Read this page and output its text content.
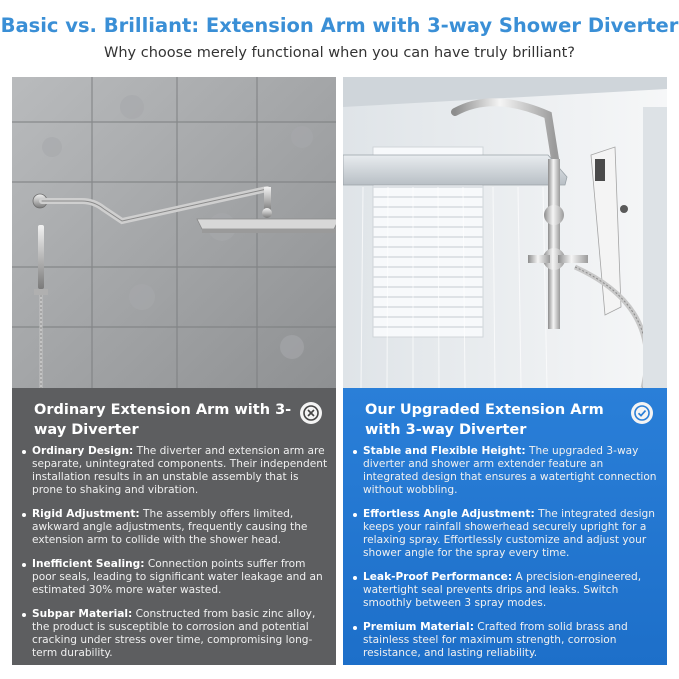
Basic vs. Brilliant: Extension Arm with 3-way Shower Diverter
Why choose merely functional when you can have truly brilliant?
Ordinary Extension Arm with 3-way Diverter
Ordinary Design: The diverter and extension arm are separate, unintegrated components. Their independent installation results in an unstable assembly that is prone to shaking and vibration.
Rigid Adjustment: The assembly offers limited, awkward angle adjustments, frequently causing the extension arm to collide with the shower head.
Inefficient Sealing: Connection points suffer from poor seals, leading to significant water leakage and an estimated 30% more water wasted.
Subpar Material: Constructed from basic zinc alloy, the product is susceptible to corrosion and potential cracking under stress over time, compromising long-term durability.
Our Upgraded Extension Arm with 3-way Diverter
Stable and Flexible Height: The upgraded 3-way diverter and shower arm extender feature an integrated design that ensures a watertight connection without wobbling.
Effortless Angle Adjustment: The integrated design keeps your rainfall showerhead securely upright for a relaxing spray. Effortlessly customize and adjust your shower angle for the spray every time.
Leak-Proof Performance: A precision-engineered, watertight seal prevents drips and leaks. Switch smoothly between 3 spray modes.
Premium Material: Crafted from solid brass and stainless steel for maximum strength, corrosion resistance, and lasting reliability.
